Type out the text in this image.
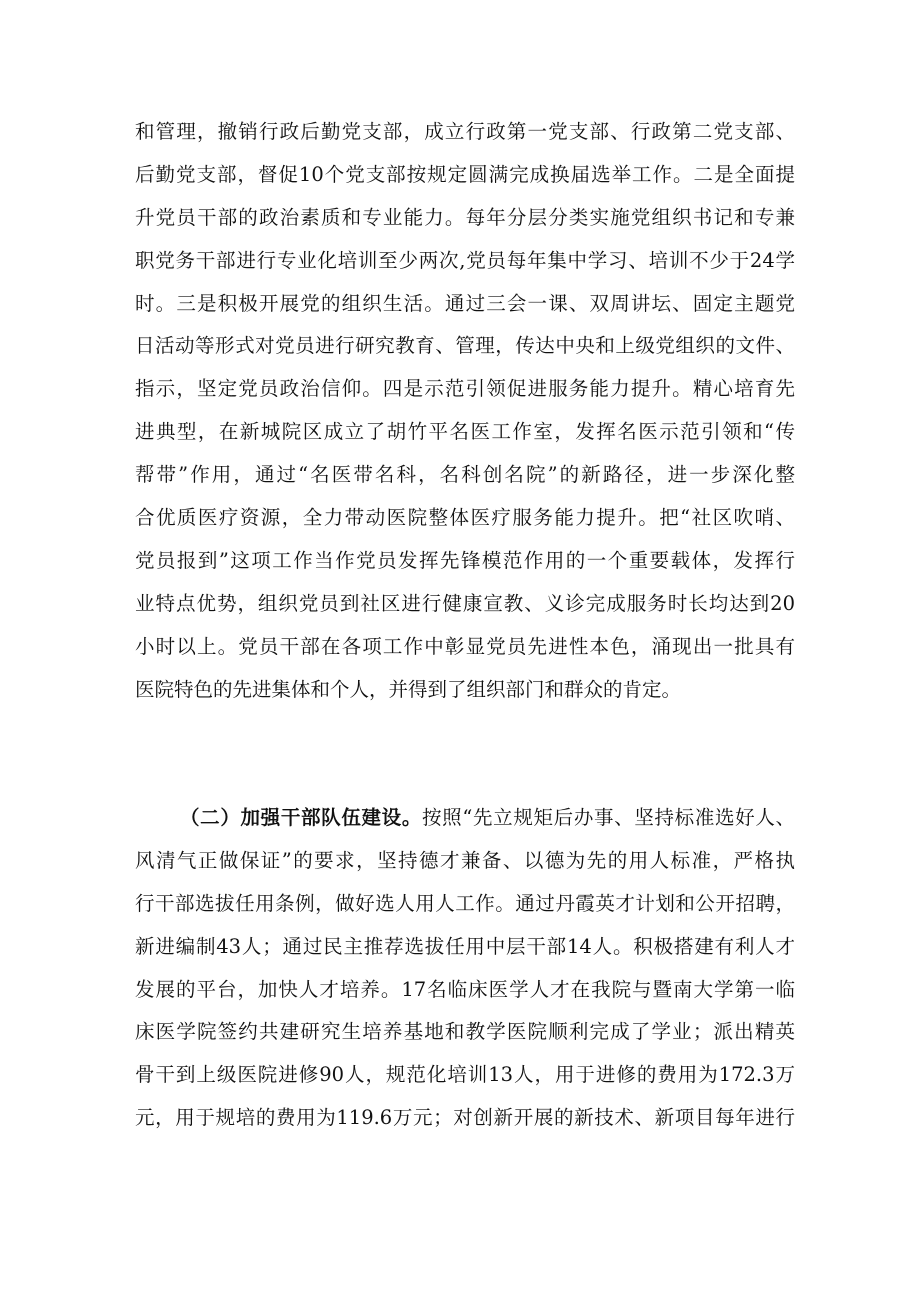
和管理，撤销行政后勤党支部，成立行政第一党支部、行政第二党支部、
后勤党支部，督促10个党支部按规定圆满完成换届选举工作。二是全面提
升党员干部的政治素质和专业能力。每年分层分类实施党组织书记和专兼
职党务干部进行专业化培训至少两次,党员每年集中学习、培训不少于24学
时。三是积极开展党的组织生活。通过三会一课、双周讲坛、固定主题党
日活动等形式对党员进行研究教育、管理，传达中央和上级党组织的文件、
指示，坚定党员政治信仰。四是示范引领促进服务能力提升。精心培育先
进典型，在新城院区成立了胡竹平名医工作室，发挥名医示范引领和“传
帮带”作用，通过“名医带名科，名科创名院”的新路径，进一步深化整
合优质医疗资源，全力带动医院整体医疗服务能力提升。把“社区吹哨、
党员报到”这项工作当作党员发挥先锋模范作用的一个重要载体，发挥行
业特点优势，组织党员到社区进行健康宣教、义诊完成服务时长均达到20
小时以上。党员干部在各项工作中彰显党员先进性本色，涌现出一批具有
医院特色的先进集体和个人，并得到了组织部门和群众的肯定。
（二）加强干部队伍建设。按照“先立规矩后办事、坚持标准选好人、
风清气正做保证”的要求，坚持德才兼备、以德为先的用人标准，严格执
行干部选拔任用条例，做好选人用人工作。通过丹霞英才计划和公开招聘，
新进编制43人；通过民主推荐选拔任用中层干部14人。积极搭建有利人才
发展的平台，加快人才培养。17名临床医学人才在我院与暨南大学第一临
床医学院签约共建研究生培养基地和教学医院顺利完成了学业；派出精英
骨干到上级医院进修90人，规范化培训13人，用于进修的费用为172.3万
元，用于规培的费用为119.6万元；对创新开展的新技术、新项目每年进行
